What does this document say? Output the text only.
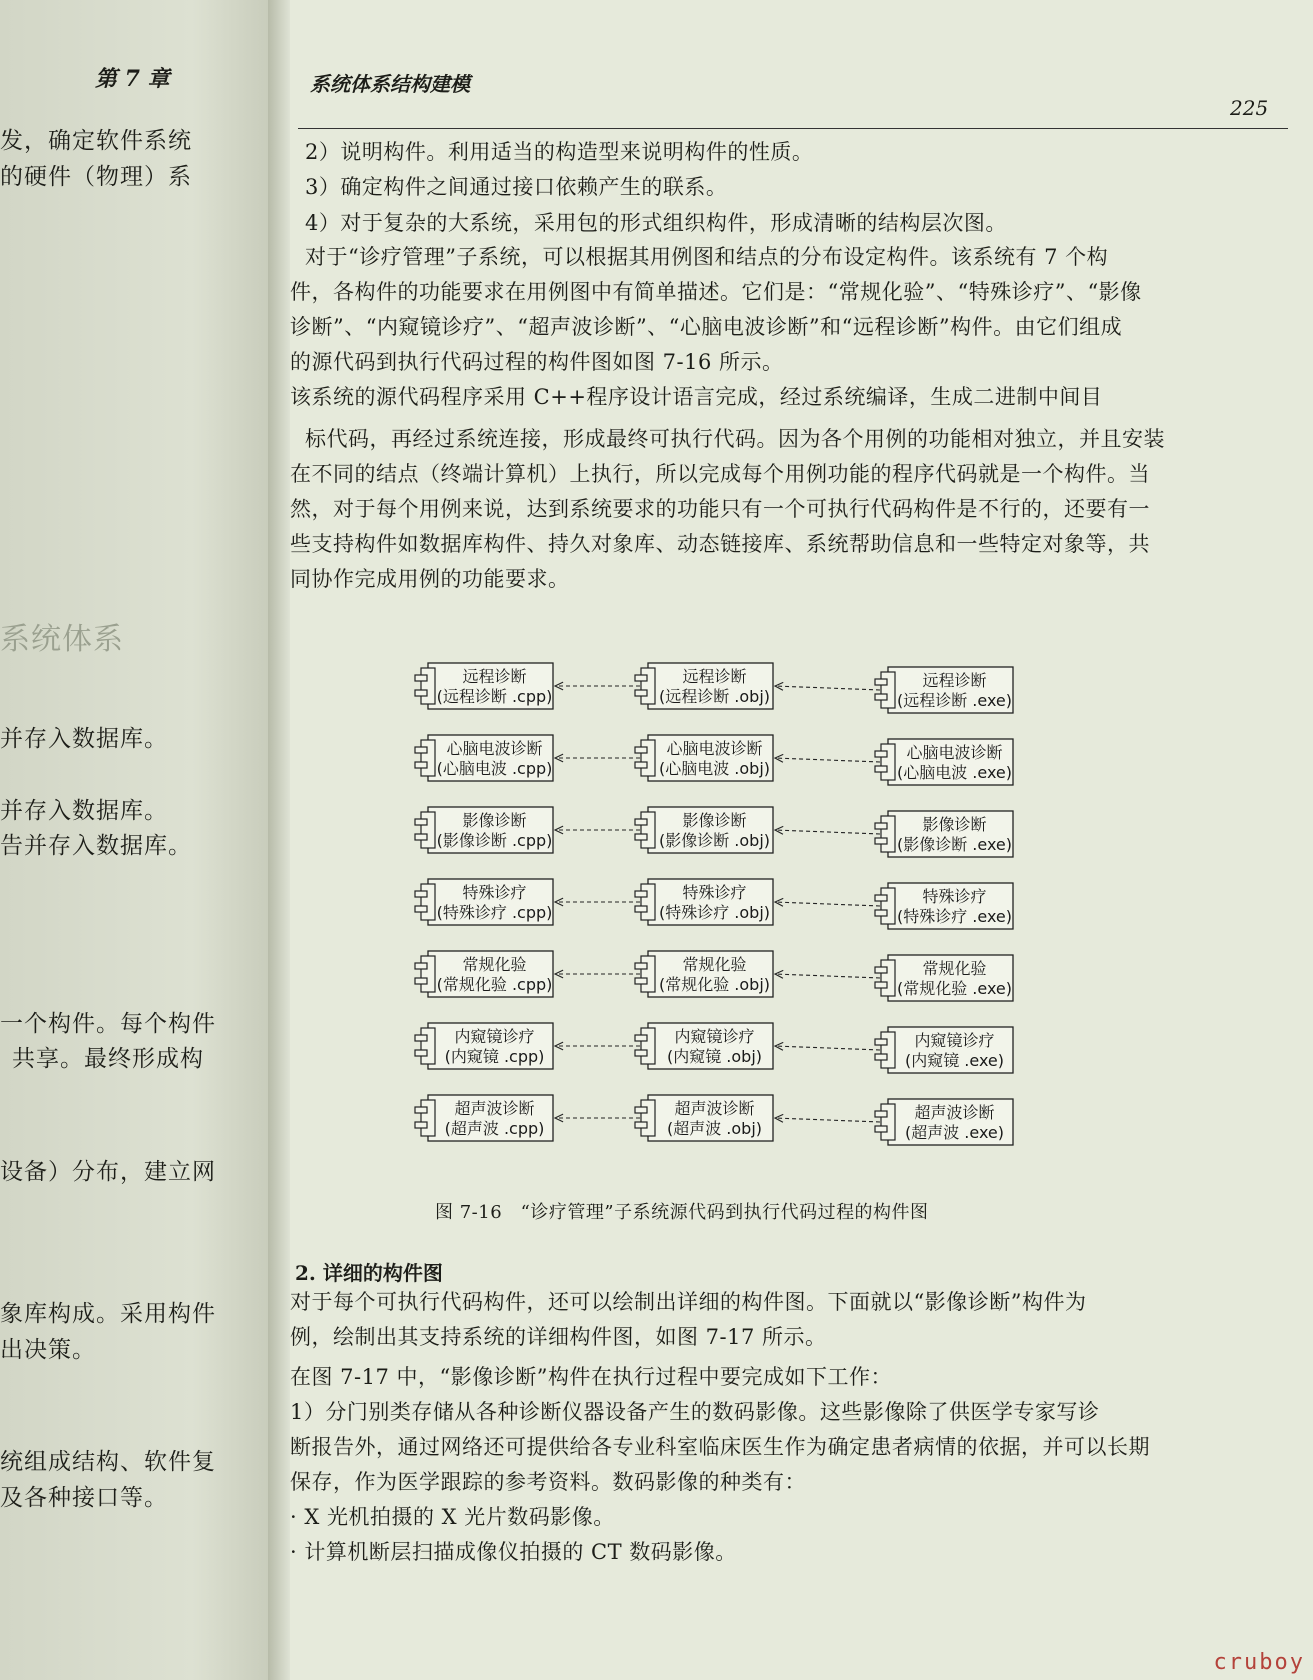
第 7 章
发，确定软件系统
的硬件（物理）系
系统体系
并存入数据库。
并存入数据库。
告并存入数据库。
一个构件。每个构件
共享。最终形成构
设备）分布，建立网
象库构成。采用构件
出决策。
统组成结构、软件复
及各种接口等。
系统体系结构建模
225
2）说明构件。利用适当的构造型来说明构件的性质。
3）确定构件之间通过接口依赖产生的联系。
4）对于复杂的大系统，采用包的形式组织构件，形成清晰的结构层次图。
对于“诊疗管理”子系统，可以根据其用例图和结点的分布设定构件。该系统有 7 个构
件，各构件的功能要求在用例图中有简单描述。它们是：“常规化验”、“特殊诊疗”、“影像
诊断”、“内窥镜诊疗”、“超声波诊断”、“心脑电波诊断”和“远程诊断”构件。由它们组成
的源代码到执行代码过程的构件图如图 7-16 所示。
该系统的源代码程序采用 C++程序设计语言完成，经过系统编译，生成二进制中间目
标代码，再经过系统连接，形成最终可执行代码。因为各个用例的功能相对独立，并且安装
在不同的结点（终端计算机）上执行，所以完成每个用例功能的程序代码就是一个构件。当
然，对于每个用例来说，达到系统要求的功能只有一个可执行代码构件是不行的，还要有一
些支持构件如数据库构件、持久对象库、动态链接库、系统帮助信息和一些特定对象等，共
同协作完成用例的功能要求。
远程诊断
(远程诊断 .cpp)
远程诊断
(远程诊断 .obj)
远程诊断
(远程诊断 .exe)
心脑电波诊断
(心脑电波 .cpp)
心脑电波诊断
(心脑电波 .obj)
心脑电波诊断
(心脑电波 .exe)
影像诊断
(影像诊断 .cpp)
影像诊断
(影像诊断 .obj)
影像诊断
(影像诊断 .exe)
特殊诊疗
(特殊诊疗 .cpp)
特殊诊疗
(特殊诊疗 .obj)
特殊诊疗
(特殊诊疗 .exe)
常规化验
(常规化验 .cpp)
常规化验
(常规化验 .obj)
常规化验
(常规化验 .exe)
内窥镜诊疗
(内窥镜 .cpp)
内窥镜诊疗
(内窥镜 .obj)
内窥镜诊疗
(内窥镜 .exe)
超声波诊断
(超声波 .cpp)
超声波诊断
(超声波 .obj)
超声波诊断
(超声波 .exe)
图 7-16　“诊疗管理”子系统源代码到执行代码过程的构件图
2. 详细的构件图
对于每个可执行代码构件，还可以绘制出详细的构件图。下面就以“影像诊断”构件为
例，绘制出其支持系统的详细构件图，如图 7-17 所示。
在图 7-17 中，“影像诊断”构件在执行过程中要完成如下工作：
1）分门别类存储从各种诊断仪器设备产生的数码影像。这些影像除了供医学专家写诊
断报告外，通过网络还可提供给各专业科室临床医生作为确定患者病情的依据，并可以长期
保存，作为医学跟踪的参考资料。数码影像的种类有：
· X 光机拍摄的 X 光片数码影像。
· 计算机断层扫描成像仪拍摄的 CT 数码影像。
cruboy
